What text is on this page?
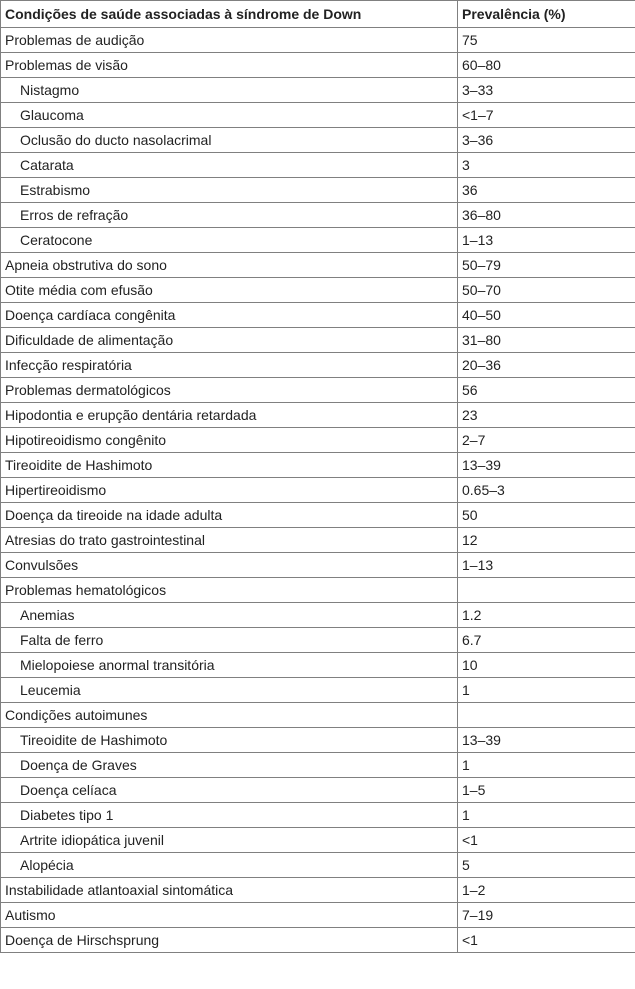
Condições de saúde associadas à síndrome de Down	Prevalência (%)
Problemas de audição	75
Problemas de visão	60–80
Nistagmo	3–33
Glaucoma	<1–7
Oclusão do ducto nasolacrimal	3–36
Catarata	3
Estrabismo	36
Erros de refração	36–80
Ceratocone	1–13
Apneia obstrutiva do sono	50–79
Otite média com efusão	50–70
Doença cardíaca congênita	40–50
Dificuldade de alimentação	31–80
Infecção respiratória	20–36
Problemas dermatológicos	56
Hipodontia e erupção dentária retardada	23
Hipotireoidismo congênito	2–7
Tireoidite de Hashimoto	13–39
Hipertireoidismo	0.65–3
Doença da tireoide na idade adulta	50
Atresias do trato gastrointestinal	12
Convulsões	1–13
Problemas hematológicos	
Anemias	1.2
Falta de ferro	6.7
Mielopoiese anormal transitória	10
Leucemia	1
Condições autoimunes	
Tireoidite de Hashimoto	13–39
Doença de Graves	1
Doença celíaca	1–5
Diabetes tipo 1	1
Artrite idiopática juvenil	<1
Alopécia	5
Instabilidade atlantoaxial sintomática	1–2
Autismo	7–19
Doença de Hirschsprung	<1
